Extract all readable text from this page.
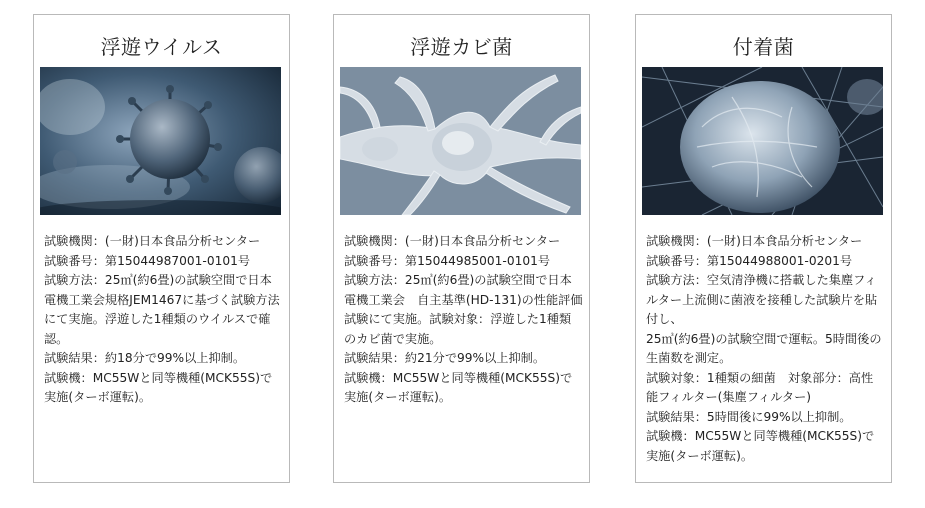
浮遊ウイルス

試験機関：(一財)日本食品分析センター

試験番号：第15044987001-0101号

試験方法：25㎥(約6畳)の試験空間で日本電機工業会規格JEM1467に基づく試験方法にて実施。浮遊した1種類のウイルスで確認。

試験結果：約18分で99%以上抑制。

試験機：MC55Wと同等機種(MCK55S)で実施(ターボ運転)。

浮遊カビ菌

試験機関：(一財)日本食品分析センター

試験番号：第15044985001-0101号

試験方法：25㎥(約6畳)の試験空間で日本電機工業会　自主基準(HD-131)の性能評価試験にて実施。試験対象：浮遊した1種類のカビ菌で実施。

試験結果：約21分で99%以上抑制。

試験機：MC55Wと同等機種(MCK55S)で実施(ターボ運転)。

付着菌

試験機関：(一財)日本食品分析センター

試験番号：第15044988001-0201号

試験方法：空気清浄機に搭載した集塵フィルター上流側に菌液を接種した試験片を貼付し、

25㎥(約6畳)の試験空間で運転。5時間後の生菌数を測定。

試験対象：1種類の細菌　対象部分：高性能フィルター(集塵フィルター)

試験結果：5時間後に99%以上抑制。

試験機：MC55Wと同等機種(MCK55S)で実施(ターボ運転)。
